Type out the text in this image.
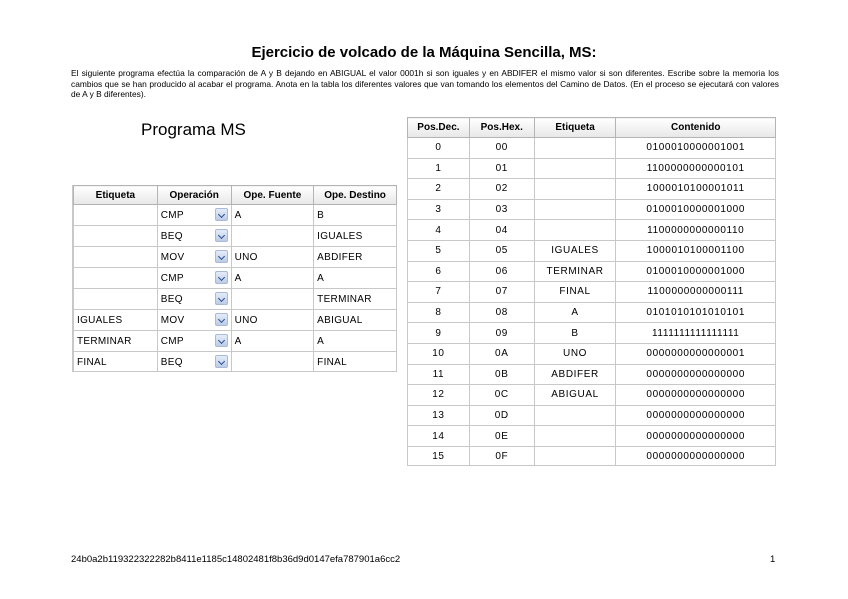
Ejercicio de volcado de la Máquina Sencilla, MS:
El siguiente programa efectúa la comparación de A y B dejando en ABIGUAL el valor 0001h si son iguales y en ABDIFER el mismo valor si son diferentes. Escribe sobre la memoria los cambios que se han producido al acabar el programa. Anota en la tabla los diferentes valores que van tomando los elementos del Camino de Datos. (En el proceso se ejecutará con valores de A y B diferentes).
Programa MS
Etiqueta	Operación	Ope. Fuente	Ope. Destino
	CMP	A	B
	BEQ		IGUALES
	MOV	UNO	ABDIFER
	CMP	A	A
	BEQ		TERMINAR
IGUALES	MOV	UNO	ABIGUAL
TERMINAR	CMP	A	A
FINAL	BEQ		FINAL
Pos.Dec.	Pos.Hex.	Etiqueta	Contenido
0	00		0100010000001001
1	01		1100000000000101
2	02		1000010100001011
3	03		0100010000001000
4	04		1100000000000110
5	05	IGUALES	1000010100001100
6	06	TERMINAR	0100010000001000
7	07	FINAL	1100000000000111
8	08	A	0101010101010101
9	09	B	1111111111111111
10	0A	UNO	0000000000000001
11	0B	ABDIFER	0000000000000000
12	0C	ABIGUAL	0000000000000000
13	0D		0000000000000000
14	0E		0000000000000000
15	0F		0000000000000000
24b0a2b119322322282b8411e1185c14802481f8b36d9d0147efa787901a6cc2	1
